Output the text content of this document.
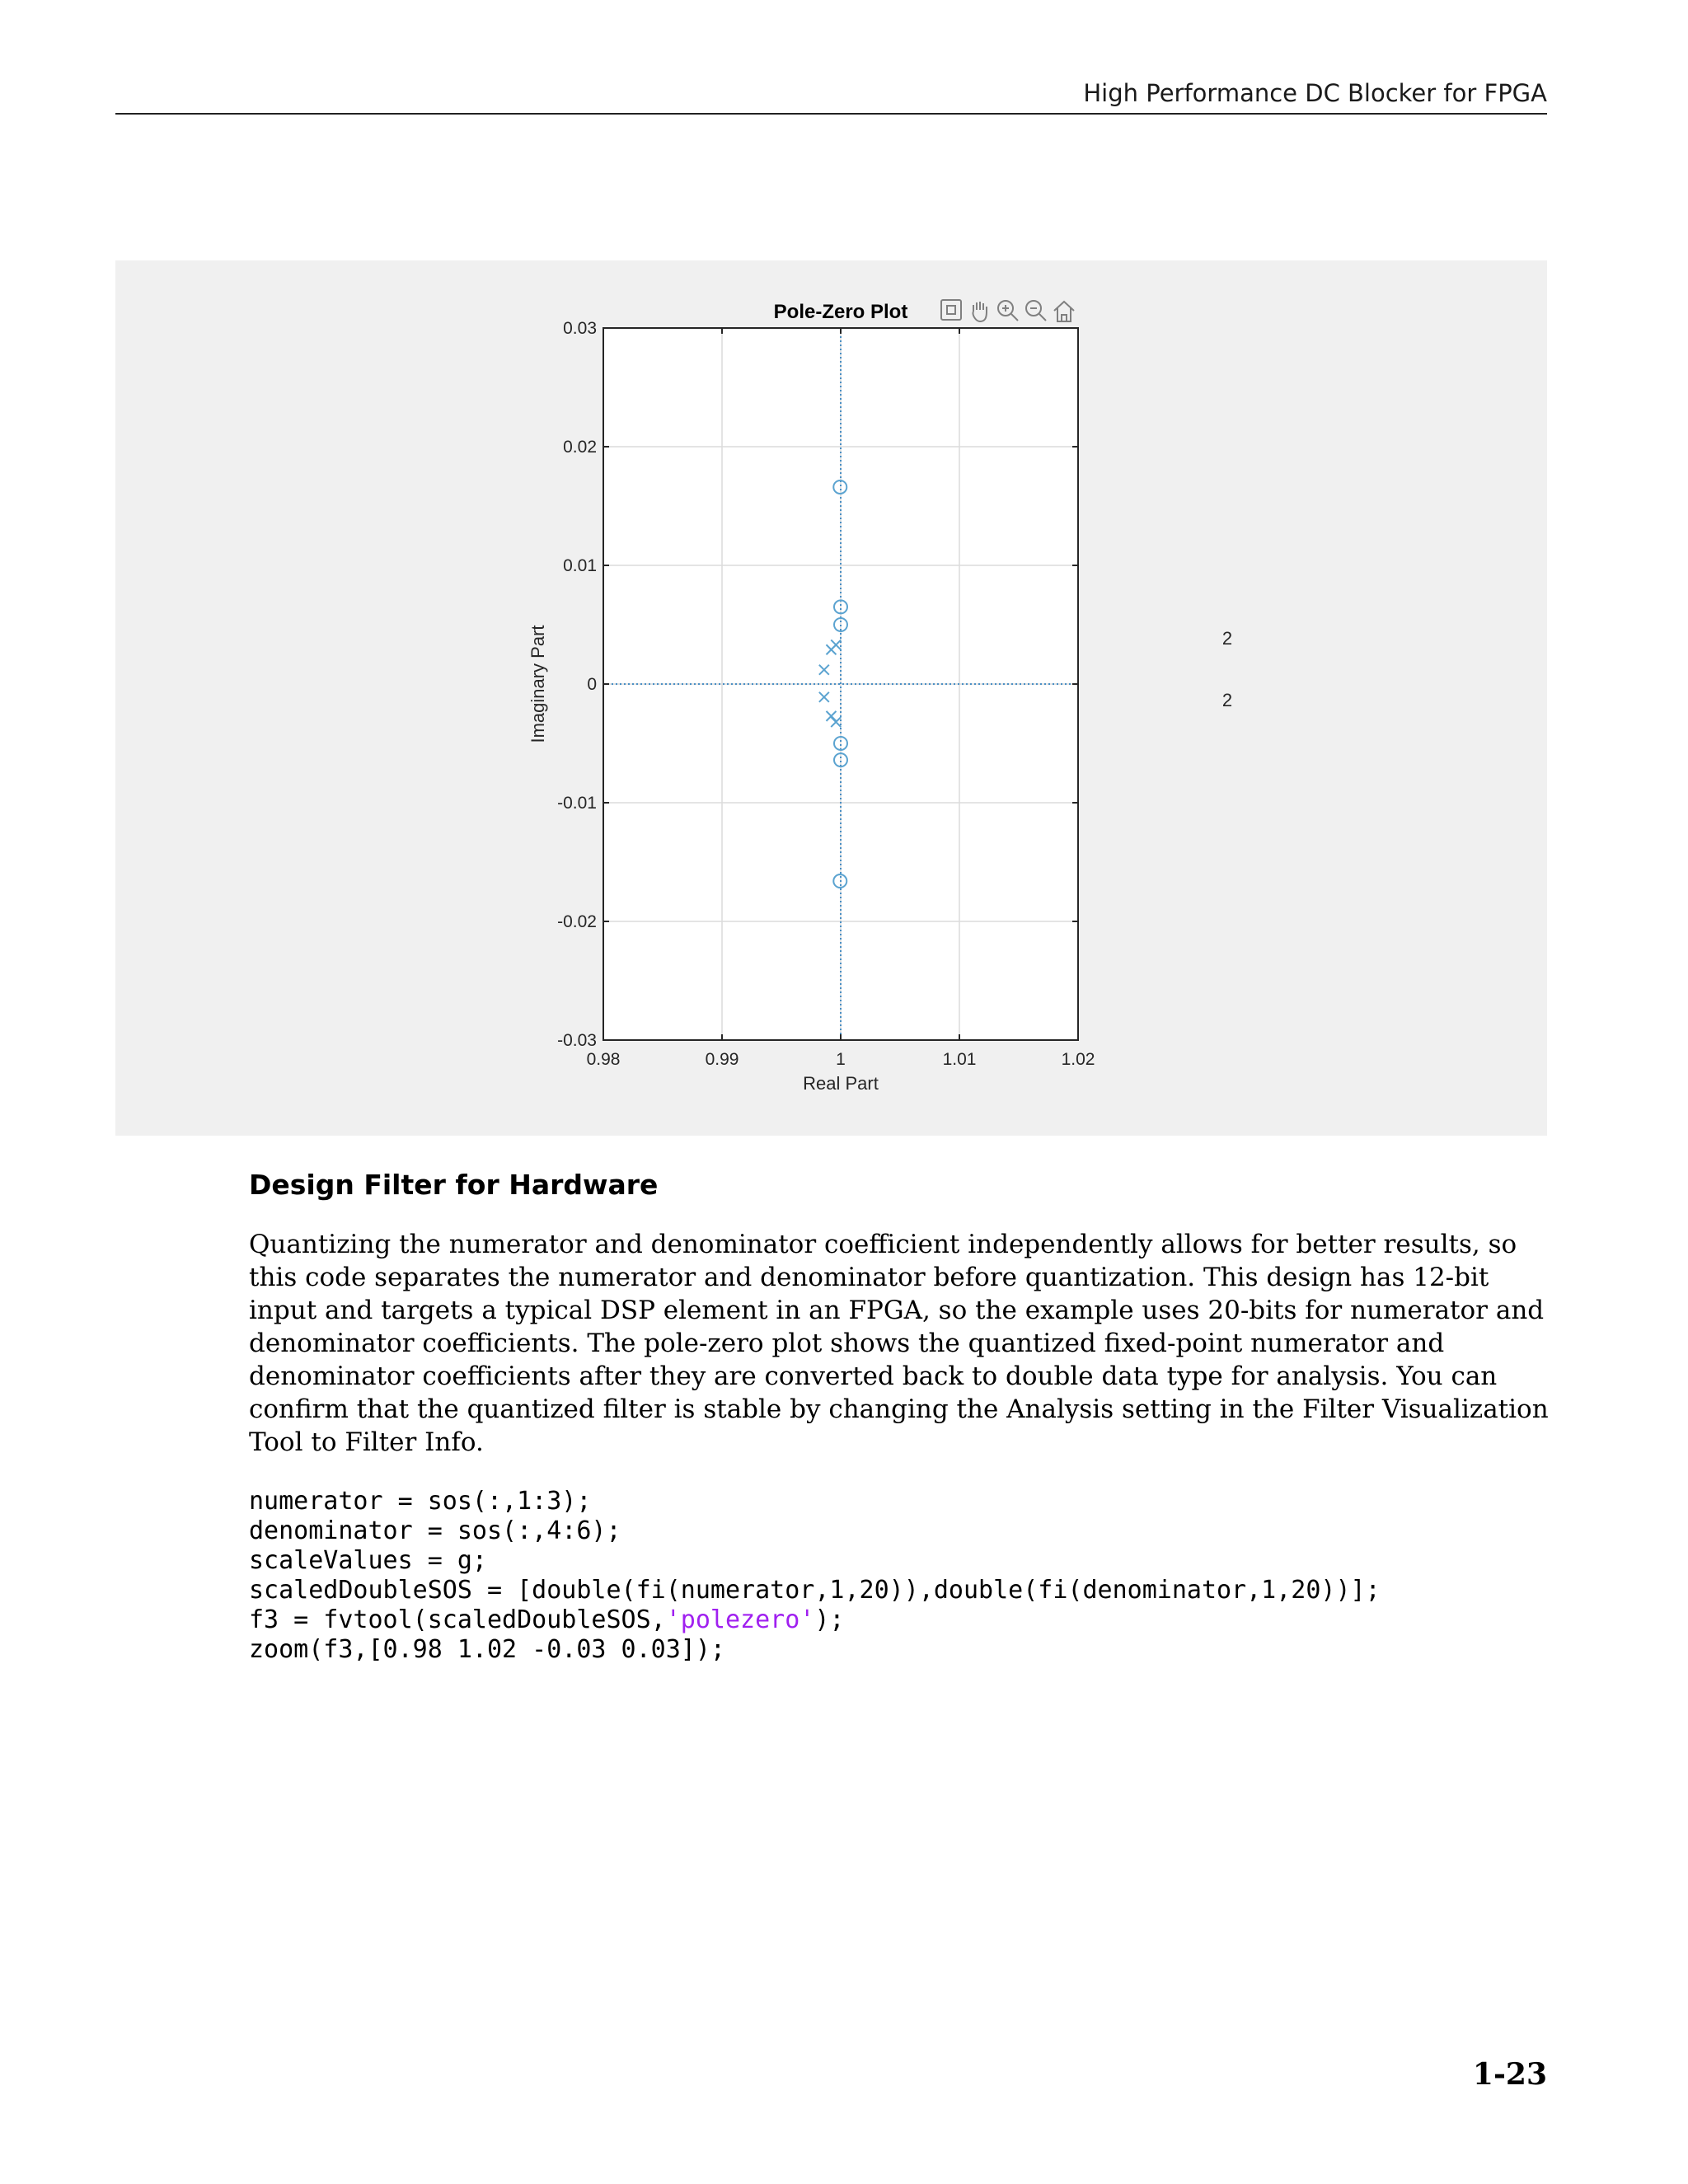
High Performance DC Blocker for FPGA
0.98	0.99	1	1.01	1.02
-0.03
-0.02
-0.01
0
0.01
0.02
0.03
Pole-Zero Plot
Real Part
Imaginary Part	2
2
Design Filter for Hardware
Quantizing the numerator and denominator coefficient independently allows for better results, so this code separates the numerator and denominator before quantization. This design has 12-bit input and targets a typical DSP element in an FPGA, so the example uses 20-bits for numerator and denominator coefficients. The pole-zero plot shows the quantized fixed-point numerator and denominator coefficients after they are converted back to double data type for analysis. You can confirm that the quantized filter is stable by changing the Analysis setting in the Filter Visualization Tool to Filter Info.
numerator = sos(:,1:3);
denominator = sos(:,4:6);
scaleValues = g;
scaledDoubleSOS = [double(fi(numerator,1,20)),double(fi(denominator,1,20))];
f3 = fvtool(scaledDoubleSOS,'polezero');
zoom(f3,[0.98 1.02 -0.03 0.03]);
1-23
